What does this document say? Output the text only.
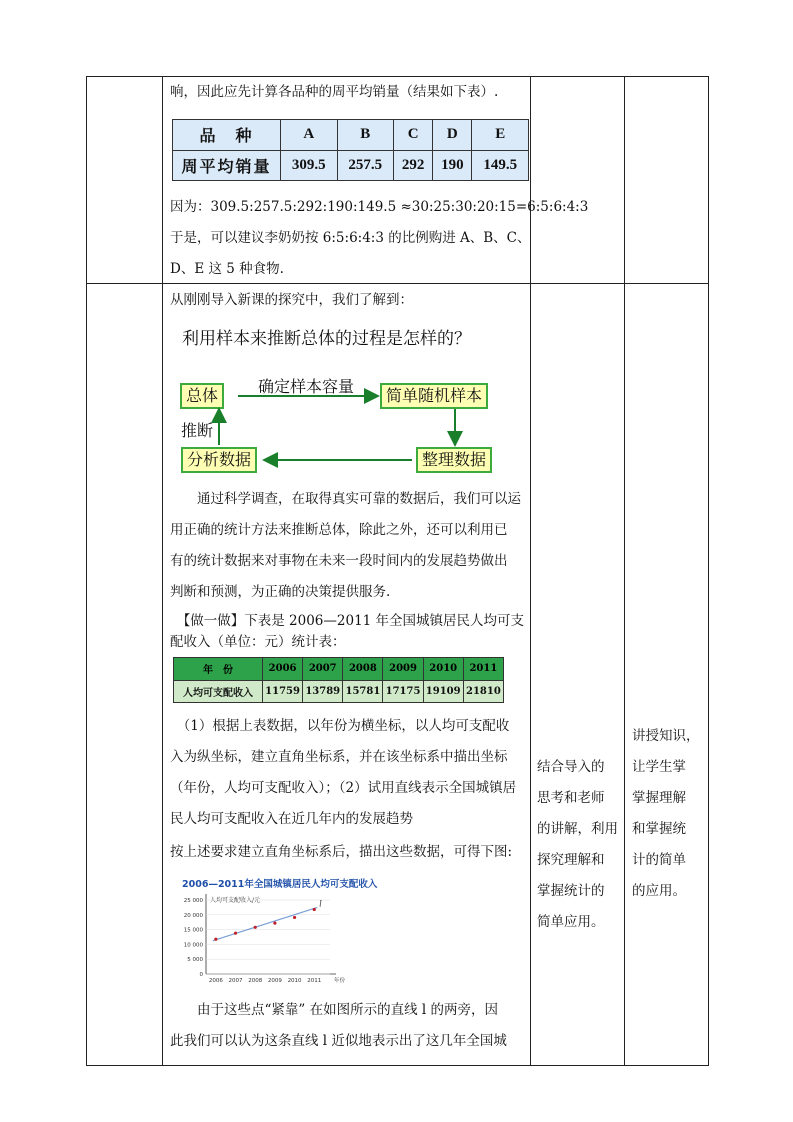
响，因此应先计算各品种的周平均销量（结果如下表）.
品　种	A	B	C	D	E
周平均销量	309.5	257.5	292	190	149.5
因为：309.5:257.5:292:190:149.5 ≈30:25:30:20:15=6:5:6:4:3
于是，可以建议李奶奶按 6:5:6:4:3 的比例购进 A、B、C、
D、E 这 5 种食物.
从刚刚导入新课的探究中，我们了解到：
利用样本来推断总体的过程是怎样的？
总体	简单随机样本
整理数据
分析数据
确定样本容量
推断
　　通过科学调查，在取得真实可靠的数据后，我们可以运
用正确的统计方法来推断总体，除此之外，还可以利用已
有的统计数据来对事物在未来一段时间内的发展趋势做出
判断和预测，为正确的决策提供服务.
　【做一做】下表是 2006—2011 年全国城镇居民人均可支
配收入（单位：元）统计表：
年　份	2006	2007	2008	2009	2010	2011
人均可支配收入	11759	13789	15781	17175	19109	21810
　（1）根据上表数据，以年份为横坐标，以人均可支配收
入为纵坐标，建立直角坐标系，并在该坐标系中描出坐标
（年份，人均可支配收入）；（2）试用直线表示全国城镇居
民人均可支配收入在近几年内的发展趋势
按上述要求建立直角坐标系后，描出这些数据，可得下图:
2006—2011年全国城镇居民人均可支配收入
人均可支配收入/元
0
5 000
10 000
15 000
20 000
25 000
2006 2007 2008 2009 2010 2011 年份
l
　　由于这些点“紧靠” 在如图所示的直线 l 的两旁，因
此我们可以认为这条直线 l 近似地表示出了这几年全国城
结合导入的
思考和老师
的讲解，利用
探究理解和
掌握统计的
简单应用。
讲授知识，
让学生掌
掌握理解
和掌握统
计的简单
的应用。
